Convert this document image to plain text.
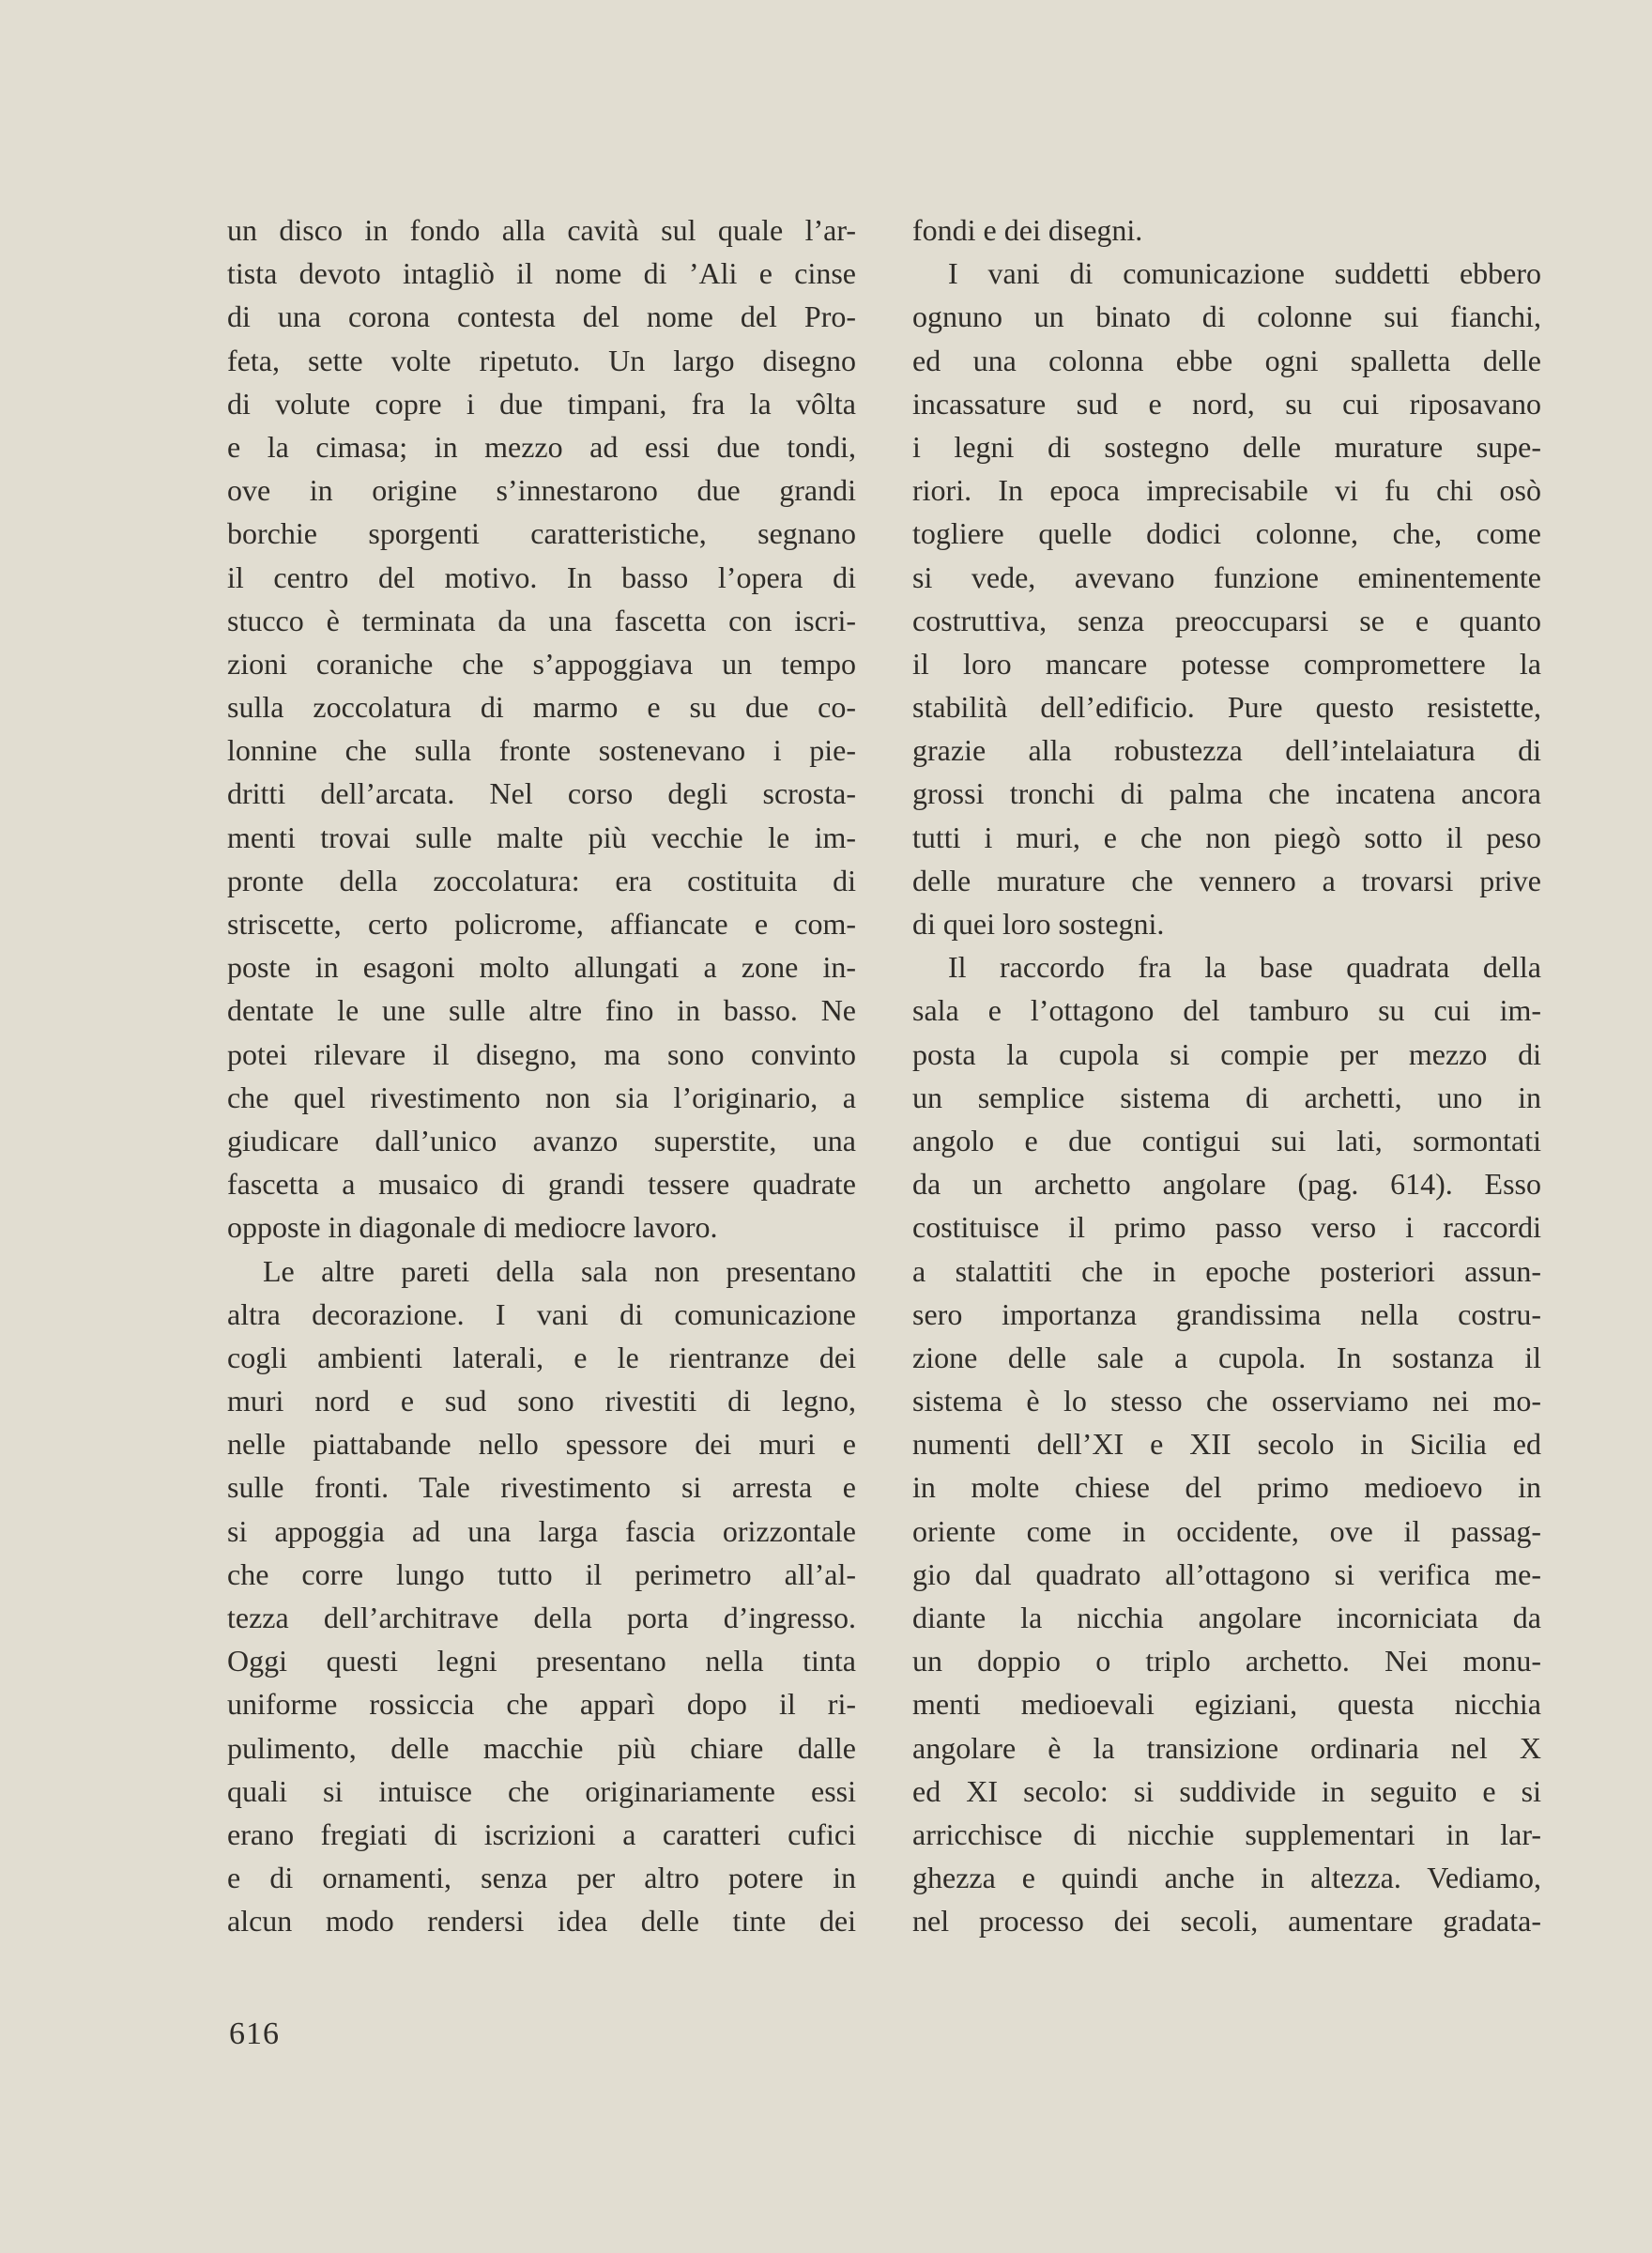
un disco in fondo alla cavità sul quale l’ar-
tista devoto intagliò il nome di ’Ali e cinse
di una corona contesta del nome del Pro-
feta, sette volte ripetuto. Un largo disegno
di volute copre i due timpani, fra la vôlta
e la cimasa; in mezzo ad essi due tondi,
ove in origine s’innestarono due grandi
borchie sporgenti caratteristiche, segnano
il centro del motivo. In basso l’opera di
stucco è terminata da una fascetta con iscri-
zioni coraniche che s’appoggiava un tempo
sulla zoccolatura di marmo e su due co-
lonnine che sulla fronte sostenevano i pie-
dritti dell’arcata. Nel corso degli scrosta-
menti trovai sulle malte più vecchie le im-
pronte della zoccolatura: era costituita di
striscette, certo policrome, affiancate e com-
poste in esagoni molto allungati a zone in-
dentate le une sulle altre fino in basso. Ne
potei rilevare il disegno, ma sono convinto
che quel rivestimento non sia l’originario, a
giudicare dall’unico avanzo superstite, una
fascetta a musaico di grandi tessere quadrate
opposte in diagonale di mediocre lavoro.
Le altre pareti della sala non presentano
altra decorazione. I vani di comunicazione
cogli ambienti laterali, e le rientranze dei
muri nord e sud sono rivestiti di legno,
nelle piattabande nello spessore dei muri e
sulle fronti. Tale rivestimento si arresta e
si appoggia ad una larga fascia orizzontale
che corre lungo tutto il perimetro all’al-
tezza dell’architrave della porta d’ingresso.
Oggi questi legni presentano nella tinta
uniforme rossiccia che apparì dopo il ri-
pulimento, delle macchie più chiare dalle
quali si intuisce che originariamente essi
erano fregiati di iscrizioni a caratteri cufici
e di ornamenti, senza per altro potere in
alcun modo rendersi idea delle tinte dei
fondi e dei disegni.
I vani di comunicazione suddetti ebbero
ognuno un binato di colonne sui fianchi,
ed una colonna ebbe ogni spalletta delle
incassature sud e nord, su cui riposavano
i legni di sostegno delle murature supe-
riori. In epoca imprecisabile vi fu chi osò
togliere quelle dodici colonne, che, come
si vede, avevano funzione eminentemente
costruttiva, senza preoccuparsi se e quanto
il loro mancare potesse compromettere la
stabilità dell’edificio. Pure questo resistette,
grazie alla robustezza dell’intelaiatura di
grossi tronchi di palma che incatena ancora
tutti i muri, e che non piegò sotto il peso
delle murature che vennero a trovarsi prive
di quei loro sostegni.
Il raccordo fra la base quadrata della
sala e l’ottagono del tamburo su cui im-
posta la cupola si compie per mezzo di
un semplice sistema di archetti, uno in
angolo e due contigui sui lati, sormontati
da un archetto angolare (pag. 614). Esso
costituisce il primo passo verso i raccordi
a stalattiti che in epoche posteriori assun-
sero importanza grandissima nella costru-
zione delle sale a cupola. In sostanza il
sistema è lo stesso che osserviamo nei mo-
numenti dell’XI e XII secolo in Sicilia ed
in molte chiese del primo medioevo in
oriente come in occidente, ove il passag-
gio dal quadrato all’ottagono si verifica me-
diante la nicchia angolare incorniciata da
un doppio o triplo archetto. Nei monu-
menti medioevali egiziani, questa nicchia
angolare è la transizione ordinaria nel X
ed XI secolo: si suddivide in seguito e si
arricchisce di nicchie supplementari in lar-
ghezza e quindi anche in altezza. Vediamo,
nel processo dei secoli, aumentare gradata-
616
